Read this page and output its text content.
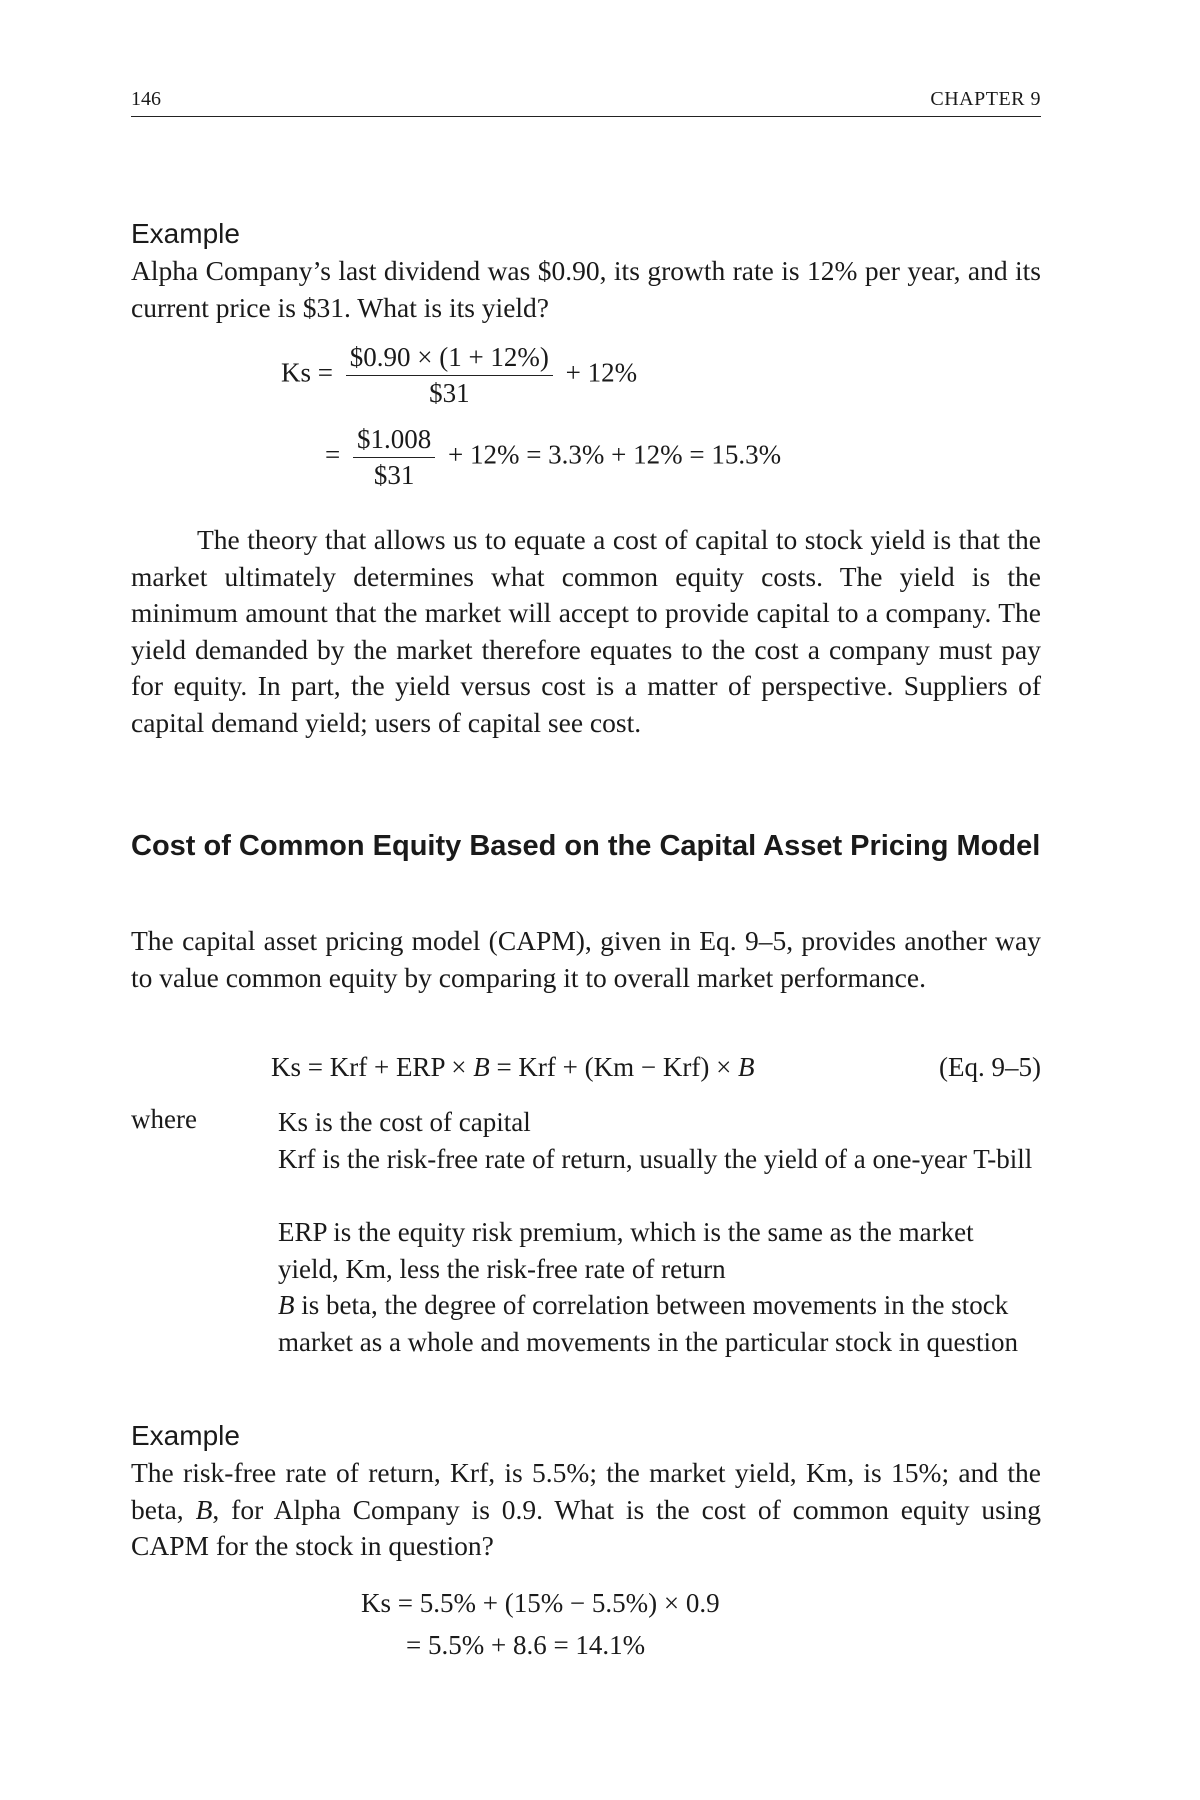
146	CHAPTER 9
Example
Alpha Company’s last dividend was $0.90, its growth rate is 12% per year, and its current price is $31. What is its yield?
$Ks = \frac{\$0.90 \times (1 + 12\%)}{\$31} + 12\%$
= $\frac{\$1.008}{\$31} + 12\% = 3.3\% + 12\% = 15.3\%$
The theory that allows us to equate a cost of capital to stock yield is that the market ultimately determines what common equity costs. The yield is the minimum amount that the market will accept to provide capital to a company. The yield demanded by the market therefore equates to the cost a company must pay for equity. In part, the yield versus cost is a matter of perspective. Suppliers of capital demand yield; users of capital see cost.
Cost of Common Equity Based on the Capital Asset Pricing Model
The capital asset pricing model (CAPM), given in Eq. 9–5, provides another way to value common equity by comparing it to overall market performance.
Ks = Krf + ERP × B = Krf + (Km − Krf) × B	(Eq. 9–5)
where	Ks is the cost of capital
Krf is the risk-free rate of return, usually the yield of a one-year T-bill
ERP is the equity risk premium, which is the same as the market yield, Km, less the risk-free rate of return
B is beta, the degree of correlation between movements in the stock market as a whole and movements in the particular stock in question
Example
The risk-free rate of return, Krf, is 5.5%; the market yield, Km, is 15%; and the beta, B, for Alpha Company is 0.9. What is the cost of common equity using CAPM for the stock in question?
Ks = 5.5% + (15% − 5.5%) × 0.9
= 5.5% + 8.6 = 14.1%
